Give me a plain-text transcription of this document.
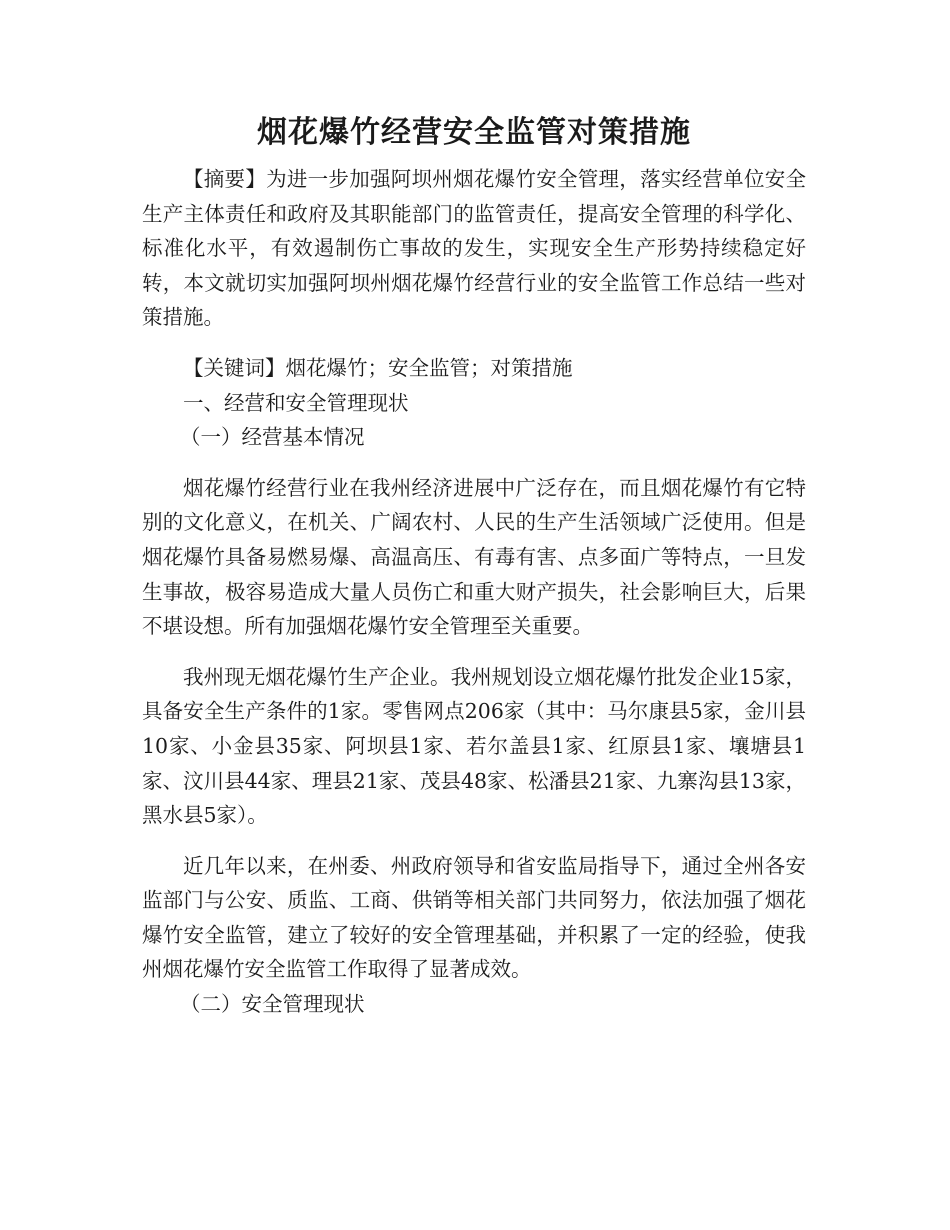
烟花爆竹经营安全监管对策措施

【摘要】为进一步加强阿坝州烟花爆竹安全管理，落实经营单位安全生产主体责任和政府及其职能部门的监管责任，提高安全管理的科学化、标准化水平，有效遏制伤亡事故的发生，实现安全生产形势持续稳定好转，本文就切实加强阿坝州烟花爆竹经营行业的安全监管工作总结一些对策措施。

【关键词】烟花爆竹；安全监管；对策措施

一、经营和安全管理现状

（一）经营基本情况

烟花爆竹经营行业在我州经济进展中广泛存在，而且烟花爆竹有它特别的文化意义，在机关、广阔农村、人民的生产生活领域广泛使用。但是烟花爆竹具备易燃易爆、高温高压、有毒有害、点多面广等特点，一旦发生事故，极容易造成大量人员伤亡和重大财产损失，社会影响巨大，后果不堪设想。所有加强烟花爆竹安全管理至关重要。

我州现无烟花爆竹生产企业。我州规划设立烟花爆竹批发企业15家，具备安全生产条件的1家。零售网点206家（其中：马尔康县5家，金川县10家、小金县35家、阿坝县1家、若尔盖县1家、红原县1家、壤塘县1家、汶川县44家、理县21家、茂县48家、松潘县21家、九寨沟县13家，黑水县5家）。

近几年以来，在州委、州政府领导和省安监局指导下，通过全州各安监部门与公安、质监、工商、供销等相关部门共同努力，依法加强了烟花爆竹安全监管，建立了较好的安全管理基础，并积累了一定的经验，使我州烟花爆竹安全监管工作取得了显著成效。

（二）安全管理现状
